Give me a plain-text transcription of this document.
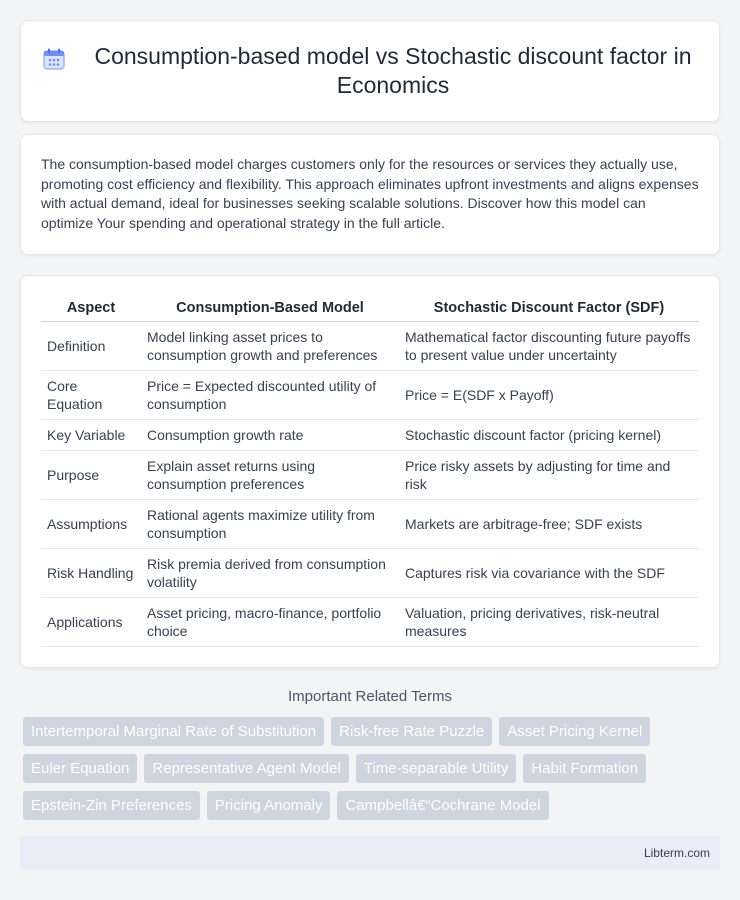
Consumption-based model vs Stochastic discount factor in Economics

The consumption-based model charges customers only for the resources or services they actually use, promoting cost efficiency and flexibility. This approach eliminates upfront investments and aligns expenses with actual demand, ideal for businesses seeking scalable solutions. Discover how this model can optimize Your spending and operational strategy in the full article.

Aspect	Consumption-Based Model	Stochastic Discount Factor (SDF)
Definition	Model linking asset prices to consumption growth and preferences	Mathematical factor discounting future payoffs to present value under uncertainty
Core Equation	Price = Expected discounted utility of consumption	Price = E(SDF x Payoff)
Key Variable	Consumption growth rate	Stochastic discount factor (pricing kernel)
Purpose	Explain asset returns using consumption preferences	Price risky assets by adjusting for time and risk
Assumptions	Rational agents maximize utility from consumption	Markets are arbitrage-free; SDF exists
Risk Handling	Risk premia derived from consumption volatility	Captures risk via covariance with the SDF
Applications	Asset pricing, macro-finance, portfolio choice	Valuation, pricing derivatives, risk-neutral measures
Important Related Terms
Intertemporal Marginal Rate of Substitution	Risk-free Rate Puzzle	Asset Pricing Kernel
Euler Equation	Representative Agent Model	Time-separable Utility	Habit Formation
Epstein-Zin Preferences	Pricing Anomaly	Campbellâ€“Cochrane Model
Libterm.com
